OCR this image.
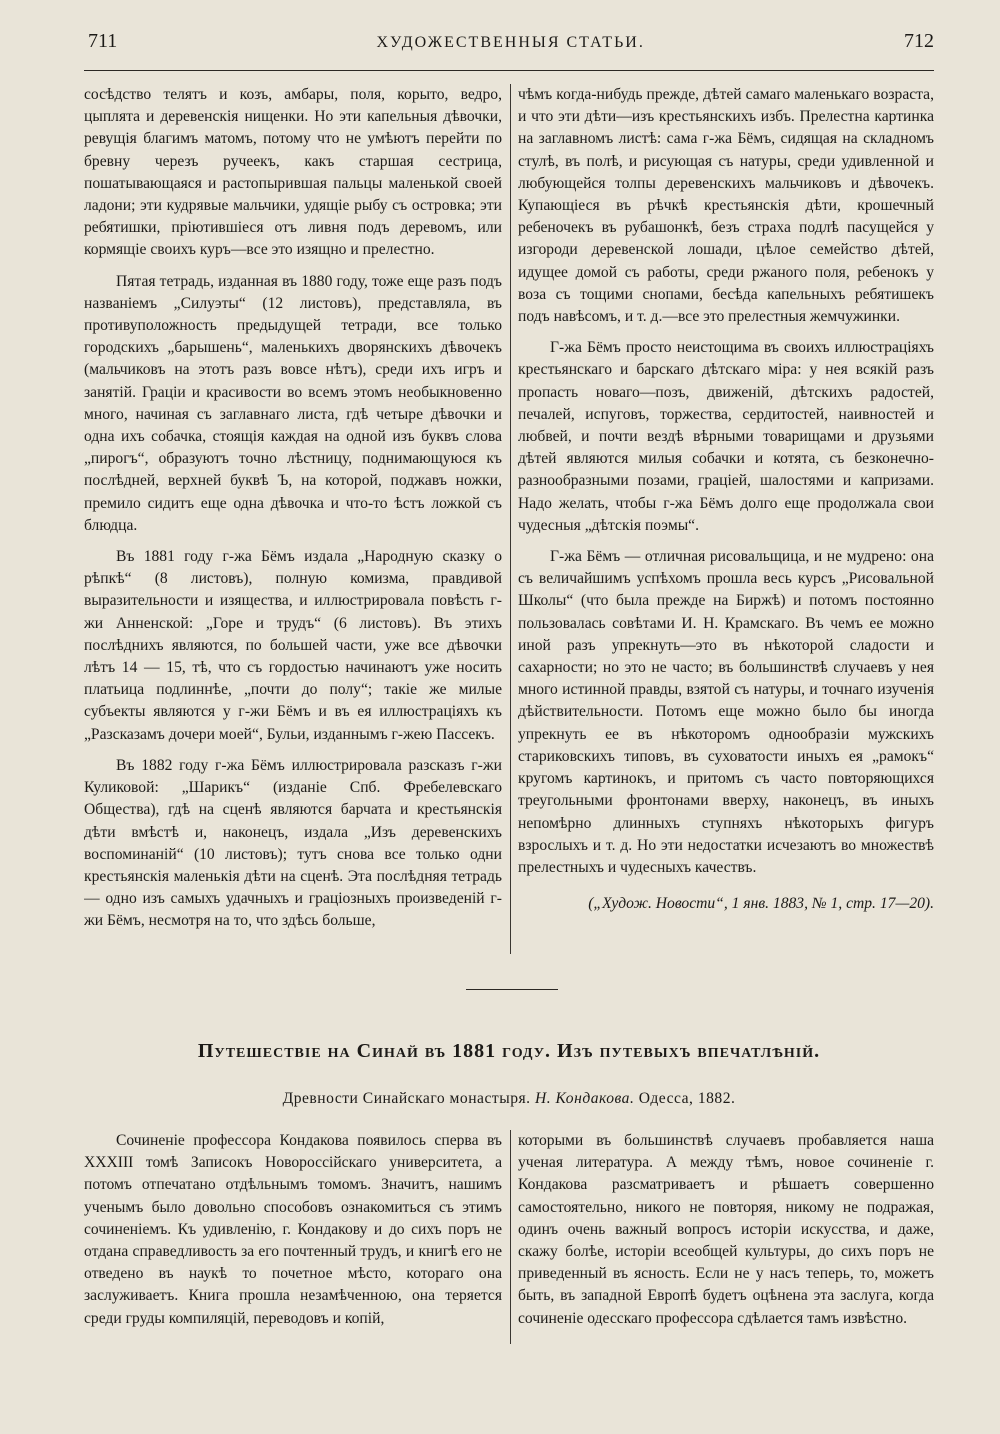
711	ХУДОЖЕСТВЕННЫЯ СТАТЬИ.	712

сосѣдство телятъ и козъ, амбары, поля, корыто, ведро, цыплята и деревенскія нищенки. Но эти капельныя дѣвочки, ревущія благимъ матомъ, потому что не умѣютъ перейти по бревну черезъ ручеекъ, какъ старшая сестрица, пошатывающаяся и растопырившая пальцы маленькой своей ладони; эти кудрявые мальчики, удящіе рыбу съ островка; эти ребятишки, пріютившіеся отъ ливня подъ деревомъ, или кормящіе своихъ куръ—все это изящно и прелестно.

Пятая тетрадь, изданная въ 1880 году, тоже еще разъ подъ названіемъ „Силуэты“ (12 листовъ), представляла, въ противуположность предыдущей тетради, все только городскихъ „барышень“, маленькихъ дворянскихъ дѣвочекъ (мальчиковъ на этотъ разъ вовсе нѣтъ), среди ихъ игръ и занятій. Граціи и красивости во всемъ этомъ необыкновенно много, начиная съ заглавнаго листа, гдѣ четыре дѣвочки и одна ихъ собачка, стоящія каждая на одной изъ буквъ слова „пирогъ“, образуютъ точно лѣстницу, поднимающуюся къ послѣдней, верхней буквѣ Ъ, на которой, поджавъ ножки, премило сидитъ еще одна дѣвочка и что-то ѣстъ ложкой съ блюдца.

Въ 1881 году г-жа Бёмъ издала „Народную сказку о рѣпкѣ“ (8 листовъ), полную комизма, правдивой выразительности и изящества, и иллюстрировала повѣсть г-жи Анненской: „Горе и трудъ“ (6 листовъ). Въ этихъ послѣднихъ являются, по большей части, уже все дѣвочки лѣтъ 14 — 15, тѣ, что съ гордостью начинаютъ уже носить платьица подлиннѣе, „почти до полу“; такіе же милые субъекты являются у г-жи Бёмъ и въ ея иллюстраціяхъ къ „Разсказамъ дочери моей“, Бульи, изданнымъ г-жею Пассекъ.

Въ 1882 году г-жа Бёмъ иллюстрировала разсказъ г-жи Куликовой: „Шарикъ“ (изданіе Спб. Фребелевскаго Общества), гдѣ на сценѣ являются барчата и крестьянскія дѣти вмѣстѣ и, наконецъ, издала „Изъ деревенскихъ воспоминаній“ (10 листовъ); тутъ снова все только одни крестьянскія маленькія дѣти на сценѣ. Эта послѣдняя тетрадь — одно изъ самыхъ удачныхъ и граціозныхъ произведеній г-жи Бёмъ, несмотря на то, что здѣсь больше,

чѣмъ когда-нибудь прежде, дѣтей самаго маленькаго возраста, и что эти дѣти—изъ крестьянскихъ избъ. Прелестна картинка на заглавномъ листѣ: сама г-жа Бёмъ, сидящая на складномъ стулѣ, въ полѣ, и рисующая съ натуры, среди удивленной и любующейся толпы деревенскихъ мальчиковъ и дѣвочекъ. Купающіеся въ рѣчкѣ крестьянскія дѣти, крошечный ребеночекъ въ рубашонкѣ, безъ страха подлѣ пасущейся у изгороди деревенской лошади, цѣлое семейство дѣтей, идущее домой съ работы, среди ржаного поля, ребенокъ у воза съ тощими снопами, бесѣда капельныхъ ребятишекъ подъ навѣсомъ, и т. д.—все это прелестныя жемчужинки.

Г-жа Бёмъ просто неистощима въ своихъ иллюстраціяхъ крестьянскаго и барскаго дѣтскаго міра: у нея всякій разъ пропасть новаго—позъ, движеній, дѣтскихъ радостей, печалей, испуговъ, торжества, сердитостей, наивностей и любвей, и почти вездѣ вѣрными товарищами и друзьями дѣтей являются милыя собачки и котята, съ безконечно-разнообразными позами, граціей, шалостями и капризами. Надо желать, чтобы г-жа Бёмъ долго еще продолжала свои чудесныя „дѣтскія поэмы“.

Г-жа Бёмъ — отличная рисовальщица, и не мудрено: она съ величайшимъ успѣхомъ прошла весь курсъ „Рисовальной Школы“ (что была прежде на Биржѣ) и потомъ постоянно пользовалась совѣтами И. Н. Крамскаго. Въ чемъ ее можно иной разъ упрекнуть—это въ нѣкоторой сладости и сахарности; но это не часто; въ большинствѣ случаевъ у нея много истинной правды, взятой съ натуры, и точнаго изученія дѣйствительности. Потомъ еще можно было бы иногда упрекнуть ее въ нѣкоторомъ однообразіи мужскихъ стариковскихъ типовъ, въ суховатости иныхъ ея „рамокъ“ кругомъ картинокъ, и притомъ съ часто повторяющихся треугольными фронтонами вверху, наконецъ, въ иныхъ непомѣрно длинныхъ ступняхъ нѣкоторыхъ фигуръ взрослыхъ и т. д. Но эти недостатки исчезаютъ во множествѣ прелестныхъ и чудесныхъ качествъ.

(„Худож. Новости“, 1 янв. 1883, № 1, стр. 17—20).

Путешествіе на Синай въ 1881 году. Изъ путевыхъ впечатлѣній.
Древности Синайскаго монастыря. Н. Кондакова. Одесса, 1882.

Сочиненіе профессора Кондакова появилось сперва въ XXXIII томѣ Записокъ Новороссійскаго университета, а потомъ отпечатано отдѣльнымъ томомъ. Значитъ, нашимъ ученымъ было довольно способовъ ознакомиться съ этимъ сочиненіемъ. Къ удивленію, г. Кондакову и до сихъ поръ не отдана справедливость за его почтенный трудъ, и книгѣ его не отведено въ наукѣ то почетное мѣсто, котораго она заслуживаетъ. Книга прошла незамѣченною, она теряется среди груды компиляцій, переводовъ и копій,

которыми въ большинствѣ случаевъ пробавляется наша ученая литература. А между тѣмъ, новое сочиненіе г. Кондакова разсматриваетъ и рѣшаетъ совершенно самостоятельно, никого не повторяя, никому не подражая, одинъ очень важный вопросъ исторіи искусства, и даже, скажу болѣе, исторіи всеобщей культуры, до сихъ поръ не приведенный въ ясность. Если не у насъ теперь, то, можетъ быть, въ западной Европѣ будетъ оцѣнена эта заслуга, когда сочиненіе одесскаго профессора сдѣлается тамъ извѣстно.
